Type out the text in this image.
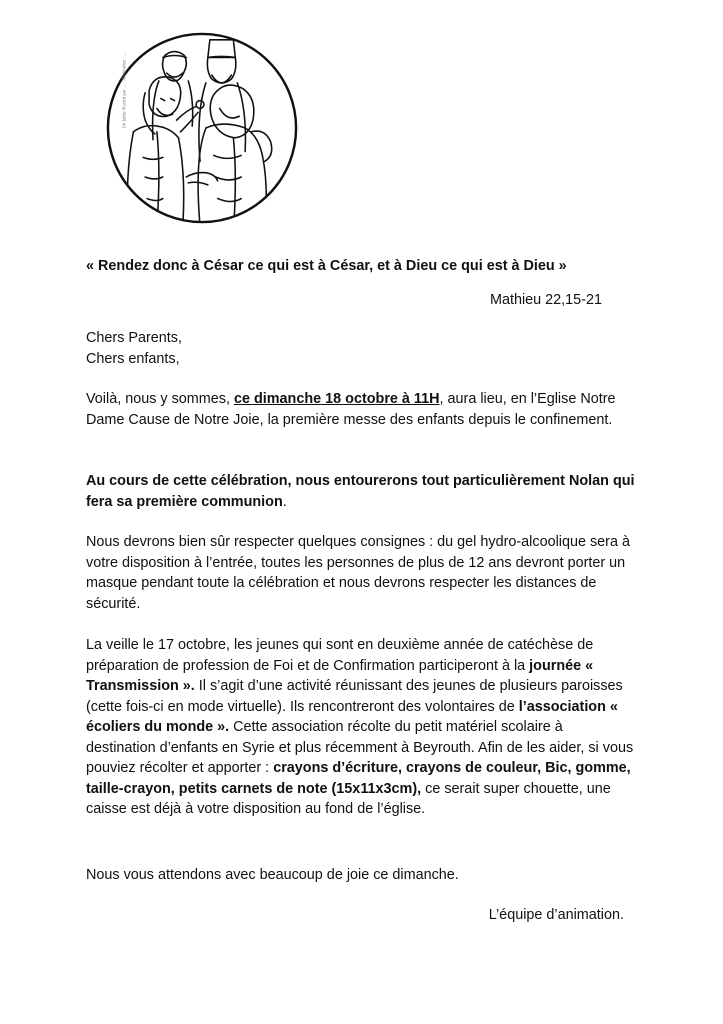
Un texte illustré par ... · Illustration : ...
« Rendez donc à César ce qui est à César, et à Dieu ce qui est à Dieu »
Mathieu 22,15-21

Chers Parents,

Chers enfants,

Voilà, nous y sommes, ce dimanche 18 octobre à 11H, aura lieu, en l’Eglise Notre Dame Cause de Notre Joie, la première messe des enfants depuis le confinement.

Au cours de cette célébration, nous entourerons tout particulièrement Nolan qui fera sa première communion.

Nous devrons bien sûr respecter quelques consignes : du gel hydro-alcoolique sera à votre disposition à l’entrée, toutes les personnes de plus de 12 ans devront porter un masque pendant toute la célébration et nous devrons respecter les distances de sécurité.

La veille le 17 octobre, les jeunes qui sont en deuxième année de catéchèse de préparation de profession de Foi et de Confirmation participeront à la journée « Transmission ». Il s’agit d’une activité réunissant des jeunes de plusieurs paroisses (cette fois-ci en mode virtuelle). Ils rencontreront des volontaires de l’association « écoliers du monde ». Cette association récolte du petit matériel scolaire à destination d’enfants en Syrie et plus récemment à Beyrouth. Afin de les aider, si vous pouviez récolter et apporter : crayons d’écriture, crayons de couleur, Bic, gomme, taille-crayon, petits carnets de note (15x11x3cm), ce serait super chouette, une caisse est déjà à votre disposition au fond de l’église.

Nous vous attendons avec beaucoup de joie ce dimanche.

L’équipe d’animation.
